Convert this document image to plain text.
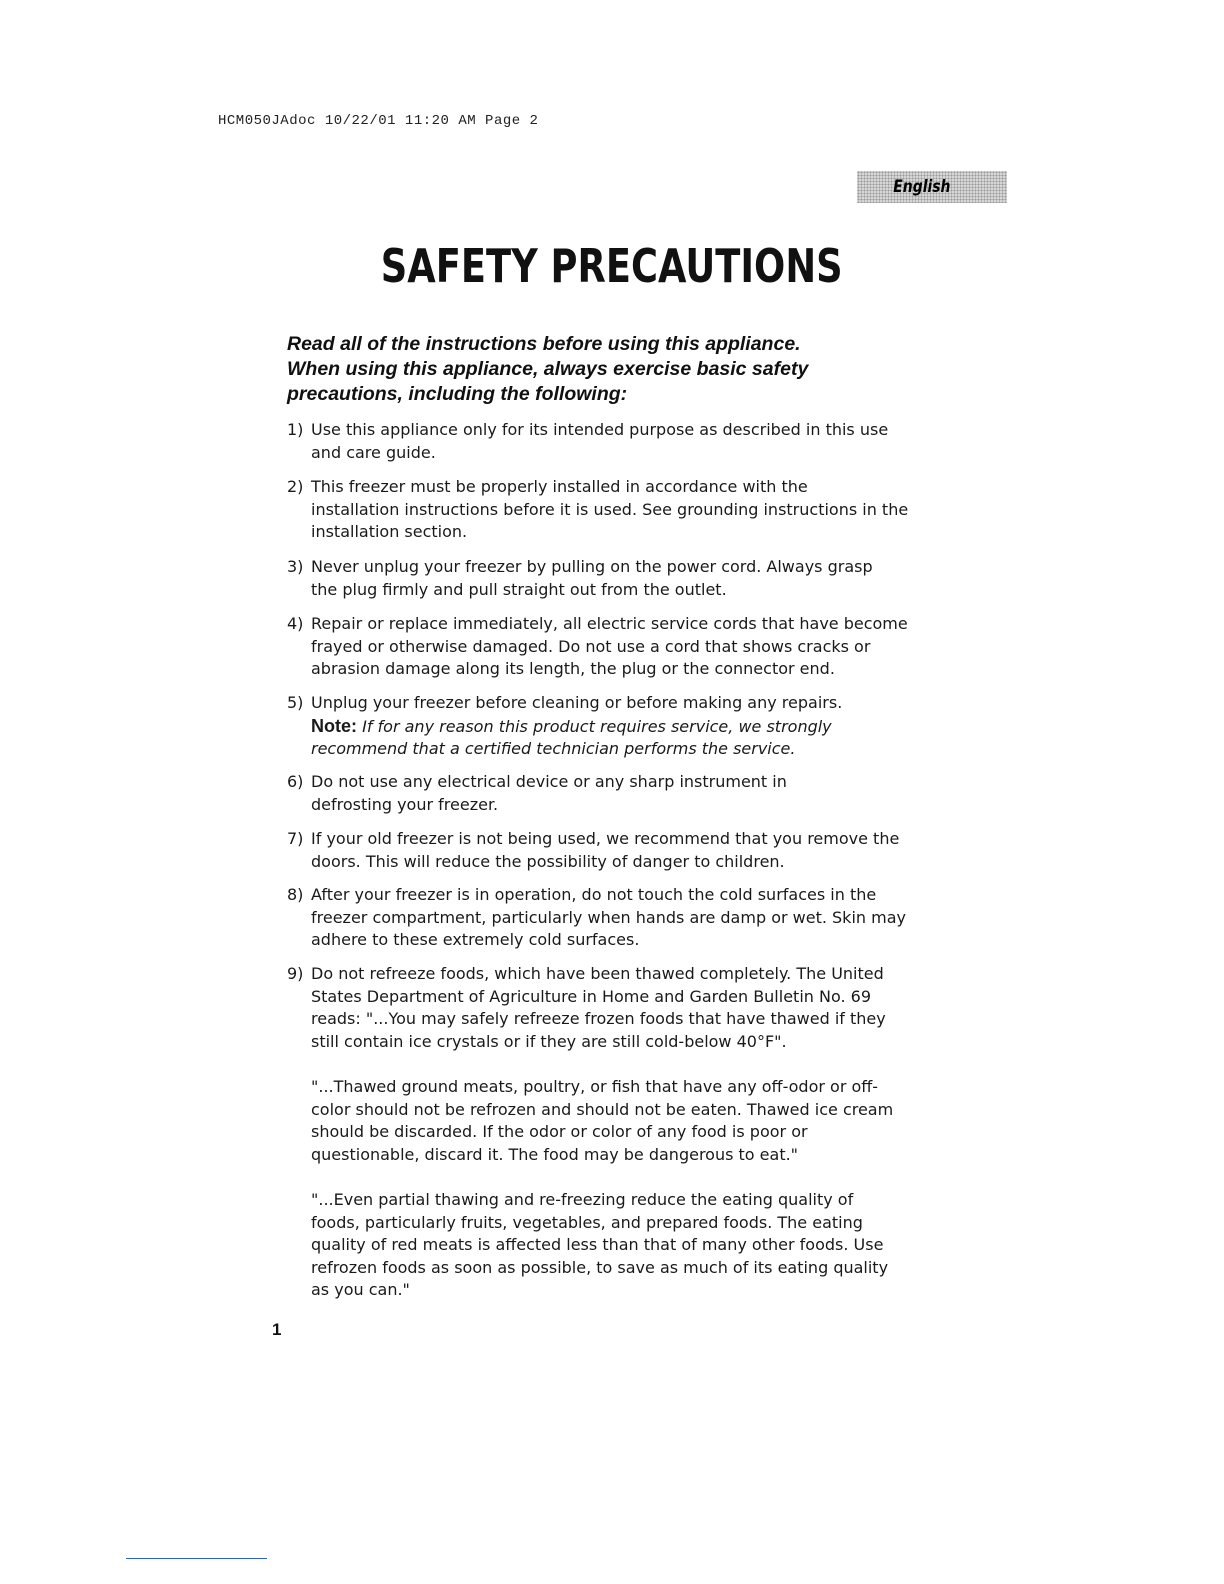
HCM050JAdoc 10/22/01 11:20 AM Page 2
English
SAFETY PRECAUTIONS
Read all of the instructions before using this appliance.
When using this appliance, always exercise basic safety
precautions, including the following:
1) Use this appliance only for its intended purpose as described in this use
and care guide.
2) This freezer must be properly installed in accordance with the
installation instructions before it is used. See grounding instructions in the
installation section.
3) Never unplug your freezer by pulling on the power cord. Always grasp
the plug firmly and pull straight out from the outlet.
4) Repair or replace immediately, all electric service cords that have become
frayed or otherwise damaged. Do not use a cord that shows cracks or
abrasion damage along its length, the plug or the connector end.
5) Unplug your freezer before cleaning or before making any repairs.
Note: If for any reason this product requires service, we strongly
recommend that a certified technician performs the service.
6) Do not use any electrical device or any sharp instrument in
defrosting your freezer.
7) If your old freezer is not being used, we recommend that you remove the
doors. This will reduce the possibility of danger to children.
8) After your freezer is in operation, do not touch the cold surfaces in the
freezer compartment, particularly when hands are damp or wet. Skin may
adhere to these extremely cold surfaces.
9) Do not refreeze foods, which have been thawed completely. The United
States Department of Agriculture in Home and Garden Bulletin No. 69
reads: "...You may safely refreeze frozen foods that have thawed if they
still contain ice crystals or if they are still cold-below 40°F".
"...Thawed ground meats, poultry, or fish that have any off-odor or off-
color should not be refrozen and should not be eaten. Thawed ice cream
should be discarded. If the odor or color of any food is poor or
questionable, discard it. The food may be dangerous to eat."
"...Even partial thawing and re-freezing reduce the eating quality of
foods, particularly fruits, vegetables, and prepared foods. The eating
quality of red meats is affected less than that of many other foods. Use
refrozen foods as soon as possible, to save as much of its eating quality
as you can."
1
